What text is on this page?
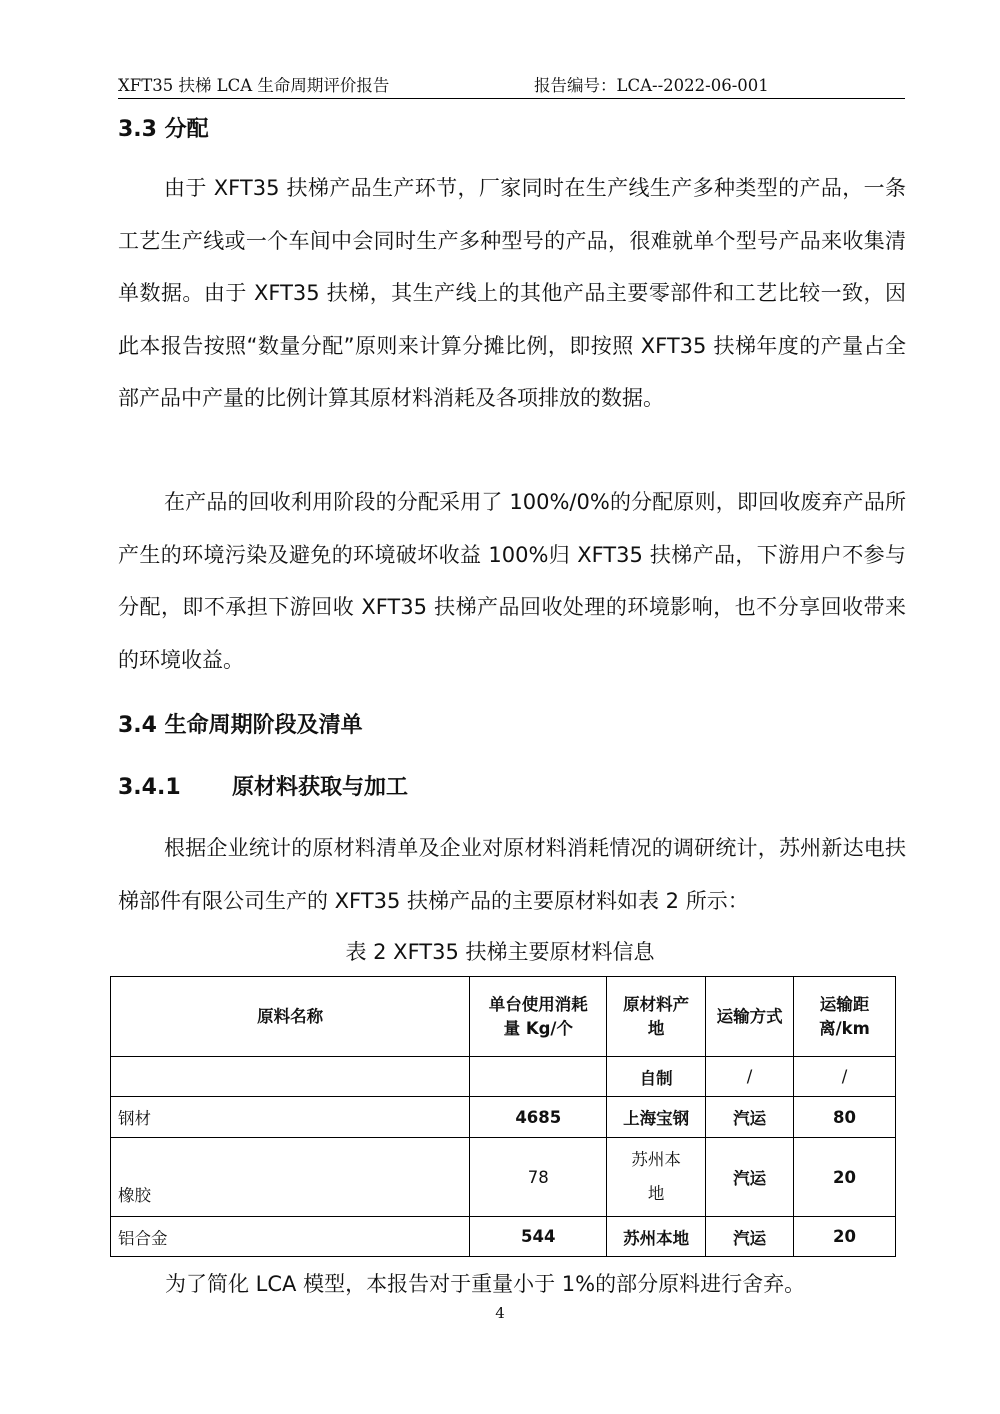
XFT35 扶梯 LCA 生命周期评价报告	报告编号：LCA--2022-06-001
3.3 分配

由于 XFT35 扶梯产品生产环节，厂家同时在生产线生产多种类型的产品，一条工艺生产线或一个车间中会同时生产多种型号的产品，很难就单个型号产品来收集清单数据。由于 XFT35 扶梯，其生产线上的其他产品主要零部件和工艺比较一致，因此本报告按照“数量分配”原则来计算分摊比例，即按照 XFT35 扶梯年度的产量占全部产品中产量的比例计算其原材料消耗及各项排放的数据。

在产品的回收利用阶段的分配采用了 100%/0%的分配原则，即回收废弃产品所产生的环境污染及避免的环境破坏收益 100%归 XFT35 扶梯产品，下游用户不参与分配，即不承担下游回收 XFT35 扶梯产品回收处理的环境影响，也不分享回收带来的环境收益。

3.4 生命周期阶段及清单
3.4.1 原材料获取与加工

根据企业统计的原材料清单及企业对原材料消耗情况的调研统计，苏州新达电扶梯部件有限公司生产的 XFT35 扶梯产品的主要原材料如表 2 所示：

表 2 XFT35 扶梯主要原材料信息
原料名称	单台使用消耗量 Kg/个	原材料产地	运输方式	运输距离/km
		自制	/	/
钢材	4685	上海宝钢	汽运	80
橡胶	78	苏州本地	汽运	20
铝合金	544	苏州本地	汽运	20
为了简化 LCA 模型，本报告对于重量小于 1%的部分原料进行舍弃。
4
